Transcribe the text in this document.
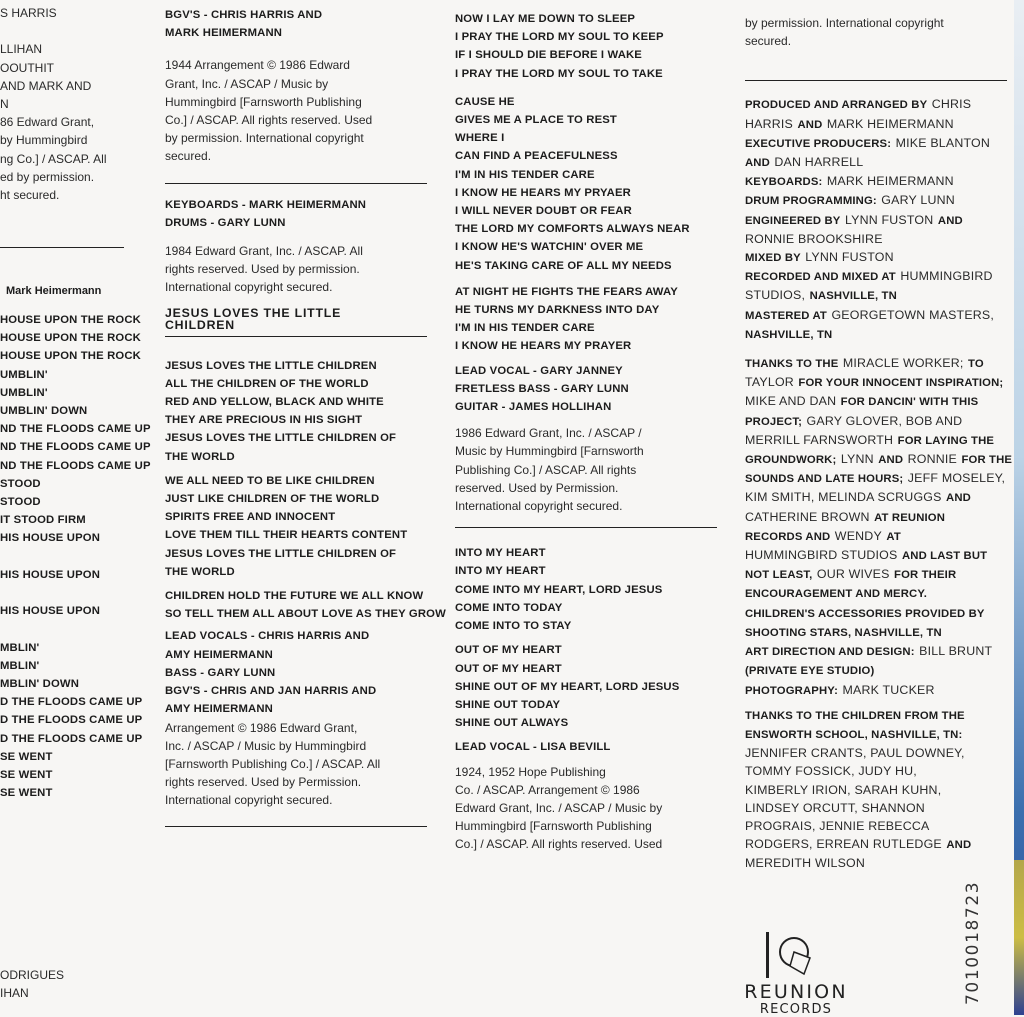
S HARRIS

LLIHAN
OOUTHIT
AND MARK AND
N
86 Edward Grant,
by Hummingbird
ng Co.] / ASCAP. All
ed by permission.
ht secured.
Mark Heimermann
HOUSE UPON THE ROCK
HOUSE UPON THE ROCK
HOUSE UPON THE ROCK
UMBLIN'
UMBLIN'
UMBLIN' DOWN
ND THE FLOODS CAME UP
ND THE FLOODS CAME UP
ND THE FLOODS CAME UP
STOOD
STOOD
IT STOOD FIRM
HIS HOUSE UPON

HIS HOUSE UPON

HIS HOUSE UPON

MBLIN'
MBLIN'
MBLIN' DOWN
D THE FLOODS CAME UP
D THE FLOODS CAME UP
D THE FLOODS CAME UP
SE WENT
SE WENT
SE WENT
ODRIGUES
IHAN
BGV'S - CHRIS HARRIS AND
MARK HEIMERMANN
1944 Arrangement © 1986 Edward
Grant, Inc. / ASCAP / Music by
Hummingbird [Farnsworth Publishing
Co.] / ASCAP. All rights reserved. Used
by permission. International copyright
secured.
KEYBOARDS - MARK HEIMERMANN
DRUMS - GARY LUNN
1984 Edward Grant, Inc. / ASCAP. All
rights reserved. Used by permission.
International copyright secured.
JESUS LOVES THE LITTLE
CHILDREN
JESUS LOVES THE LITTLE CHILDREN
ALL THE CHILDREN OF THE WORLD
RED AND YELLOW, BLACK AND WHITE
THEY ARE PRECIOUS IN HIS SIGHT
JESUS LOVES THE LITTLE CHILDREN OF
THE WORLD
WE ALL NEED TO BE LIKE CHILDREN
JUST LIKE CHILDREN OF THE WORLD
SPIRITS FREE AND INNOCENT
LOVE THEM TILL THEIR HEARTS CONTENT
JESUS LOVES THE LITTLE CHILDREN OF
THE WORLD
CHILDREN HOLD THE FUTURE WE ALL KNOW
SO TELL THEM ALL ABOUT LOVE AS THEY GROW
LEAD VOCALS - CHRIS HARRIS AND
AMY HEIMERMANN
BASS - GARY LUNN
BGV'S - CHRIS AND JAN HARRIS AND
AMY HEIMERMANN
Arrangement © 1986 Edward Grant,
Inc. / ASCAP / Music by Hummingbird
[Farnsworth Publishing Co.] / ASCAP. All
rights reserved. Used by Permission.
International copyright secured.
NOW I LAY ME DOWN TO SLEEP
I PRAY THE LORD MY SOUL TO KEEP
IF I SHOULD DIE BEFORE I WAKE
I PRAY THE LORD MY SOUL TO TAKE
CAUSE HE
GIVES ME A PLACE TO REST
WHERE I
CAN FIND A PEACEFULNESS
I'M IN HIS TENDER CARE
I KNOW HE HEARS MY PRYAER
I WILL NEVER DOUBT OR FEAR
THE LORD MY COMFORTS ALWAYS NEAR
I KNOW HE'S WATCHIN' OVER ME
HE'S TAKING CARE OF ALL MY NEEDS
AT NIGHT HE FIGHTS THE FEARS AWAY
HE TURNS MY DARKNESS INTO DAY
I'M IN HIS TENDER CARE
I KNOW HE HEARS MY PRAYER
LEAD VOCAL - GARY JANNEY
FRETLESS BASS - GARY LUNN
GUITAR - JAMES HOLLIHAN
1986 Edward Grant, Inc. / ASCAP /
Music by Hummingbird [Farnsworth
Publishing Co.] / ASCAP. All rights
reserved. Used by Permission.
International copyright secured.
INTO MY HEART
INTO MY HEART
COME INTO MY HEART, LORD JESUS
COME INTO TODAY
COME INTO TO STAY
OUT OF MY HEART
OUT OF MY HEART
SHINE OUT OF MY HEART, LORD JESUS
SHINE OUT TODAY
SHINE OUT ALWAYS
LEAD VOCAL - LISA BEVILL
1924, 1952 Hope Publishing
Co. / ASCAP. Arrangement © 1986
Edward Grant, Inc. / ASCAP / Music by
Hummingbird [Farnsworth Publishing
Co.] / ASCAP. All rights reserved. Used
by permission. International copyright
secured.
PRODUCED AND ARRANGED BY CHRIS
HARRIS AND MARK HEIMERMANN
EXECUTIVE PRODUCERS: MIKE BLANTON
AND DAN HARRELL
KEYBOARDS: MARK HEIMERMANN
DRUM PROGRAMMING: GARY LUNN
ENGINEERED BY LYNN FUSTON AND
RONNIE BROOKSHIRE
MIXED BY LYNN FUSTON
RECORDED AND MIXED AT HUMMINGBIRD
STUDIOS, NASHVILLE, TN
MASTERED AT GEORGETOWN MASTERS,
NASHVILLE, TN
THANKS TO THE MIRACLE WORKER; TO
TAYLOR FOR YOUR INNOCENT INSPIRATION;
MIKE AND DAN FOR DANCIN' WITH THIS
PROJECT; GARY GLOVER, BOB AND
MERRILL FARNSWORTH FOR LAYING THE
GROUNDWORK; LYNN AND RONNIE FOR THE
SOUNDS AND LATE HOURS; JEFF MOSELEY,
KIM SMITH, MELINDA SCRUGGS AND
CATHERINE BROWN AT REUNION
RECORDS AND WENDY AT
HUMMINGBIRD STUDIOS AND LAST BUT
NOT LEAST, OUR WIVES FOR THEIR
ENCOURAGEMENT AND MERCY.
CHILDREN'S ACCESSORIES PROVIDED BY
SHOOTING STARS, NASHVILLE, TN
ART DIRECTION AND DESIGN: BILL BRUNT
(PRIVATE EYE STUDIO)
PHOTOGRAPHY: MARK TUCKER
THANKS TO THE CHILDREN FROM THE
ENSWORTH SCHOOL, NASHVILLE, TN:
JENNIFER CRANTS, PAUL DOWNEY,
TOMMY FOSSICK, JUDY HU,
KIMBERLY IRION, SARAH KUHN,
LINDSEY ORCUTT, SHANNON
PROGRAIS, JENNIE REBECCA
RODGERS, ERREAN RUTLEDGE AND
MEREDITH WILSON
REUNION
RECORDS
7010018723
